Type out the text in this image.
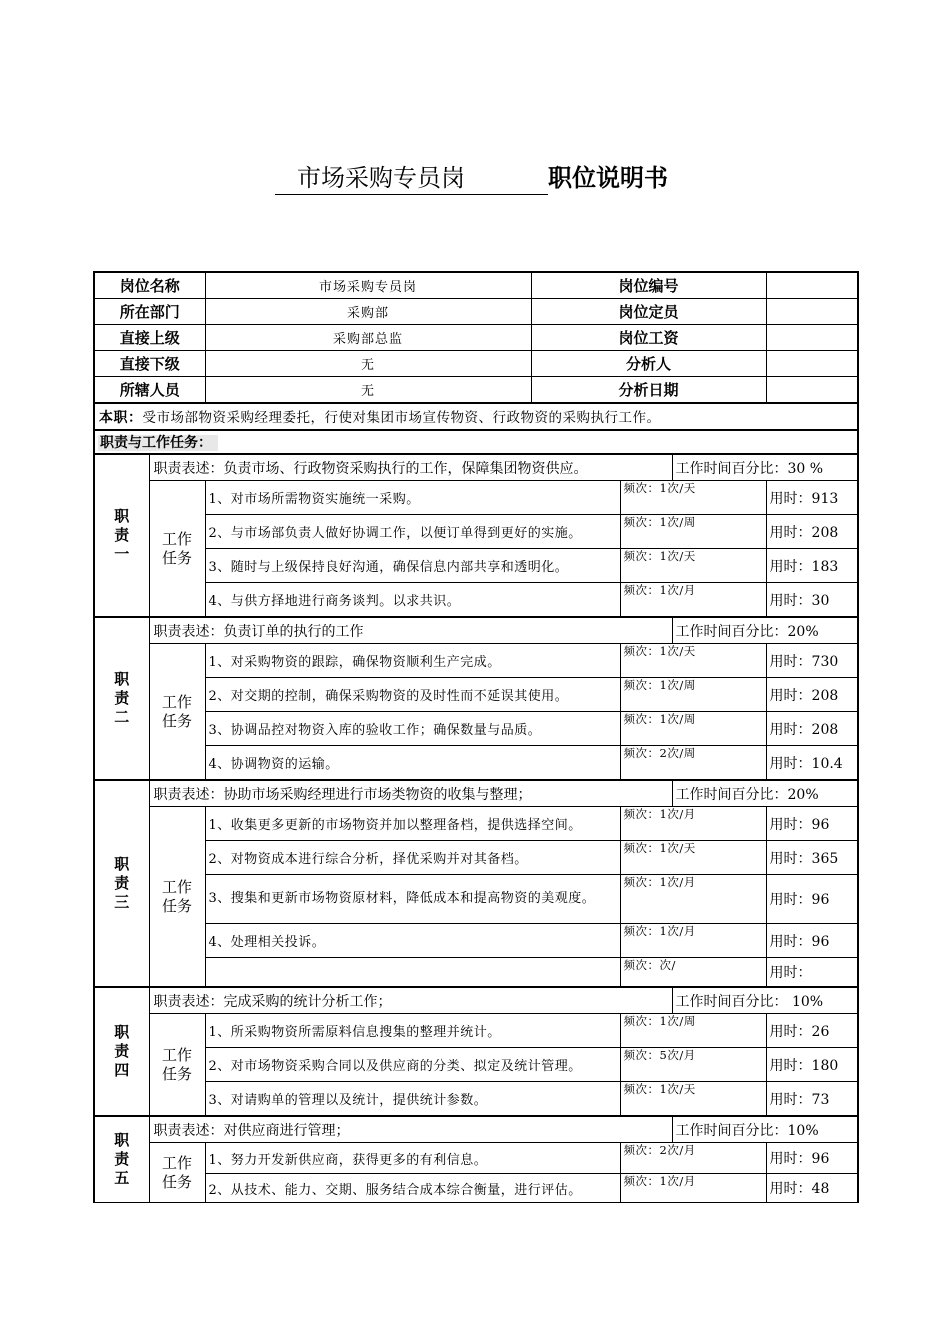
市场采购专员岗	职位说明书
岗位名称		市场采购专员岗	岗位编号			
所在部门		采购部	岗位定员			
直接上级		采购部总监	岗位工资			
直接下级		无	分析人			
所辖人员		无	分析日期			
本职：受市场部物资采购经理委托，行使对集团市场宣传物资、行政物资的采购执行工作。						
职责与工作任务：						
职责一	职责表述：负责市场、行政物资采购执行的工作，保障集团物资供应。				工作时间百分比：30 %	
	工作任务	1、对市场所需物资实施统一采购。		频次：1次/天		用时：913
		2、与市场部负责人做好协调工作，以便订单得到更好的实施。		频次：1次/周		用时：208
		3、随时与上级保持良好沟通，确保信息内部共享和透明化。		频次：1次/天		用时：183
		4、与供方择地进行商务谈判。以求共识。		频次：1次/月		用时：30
职责二	职责表述：负责订单的执行的工作				工作时间百分比：20%	
	工作任务	1、对采购物资的跟踪，确保物资顺利生产完成。		频次：1次/天		用时：730
		2、对交期的控制，确保采购物资的及时性而不延误其使用。		频次：1次/周		用时：208
		3、协调品控对物资入库的验收工作；确保数量与品质。		频次：1次/周		用时：208
		4、协调物资的运输。		频次：2次/周		用时：10.4
职责三	职责表述：协助市场采购经理进行市场类物资的收集与整理；				工作时间百分比：20%	
	工作任务	1、收集更多更新的市场物资并加以整理备档，提供选择空间。		频次：1次/月		用时：96
		2、对物资成本进行综合分析，择优采购并对其备档。		频次：1次/天		用时：365
		3、搜集和更新市场物资原材料，降低成本和提高物资的美观度。		频次：1次/月		用时：96
		4、处理相关投诉。		频次：1次/月		用时：96
				频次：次/		用时：
职责四	职责表述：完成采购的统计分析工作；				工作时间百分比： 10%	
	工作任务	1、所采购物资所需原料信息搜集的整理并统计。		频次：1次/周		用时：26
		2、对市场物资采购合同以及供应商的分类、拟定及统计管理。		频次：5次/月		用时：180
		3、对请购单的管理以及统计，提供统计参数。		频次：1次/天		用时：73
职责五	职责表述：对供应商进行管理；				工作时间百分比：10%	
	工作任务	1、努力开发新供应商，获得更多的有利信息。		频次：2次/月		用时：96
		2、从技术、能力、交期、服务结合成本综合衡量，进行评估。		频次：1次/月		用时：48
